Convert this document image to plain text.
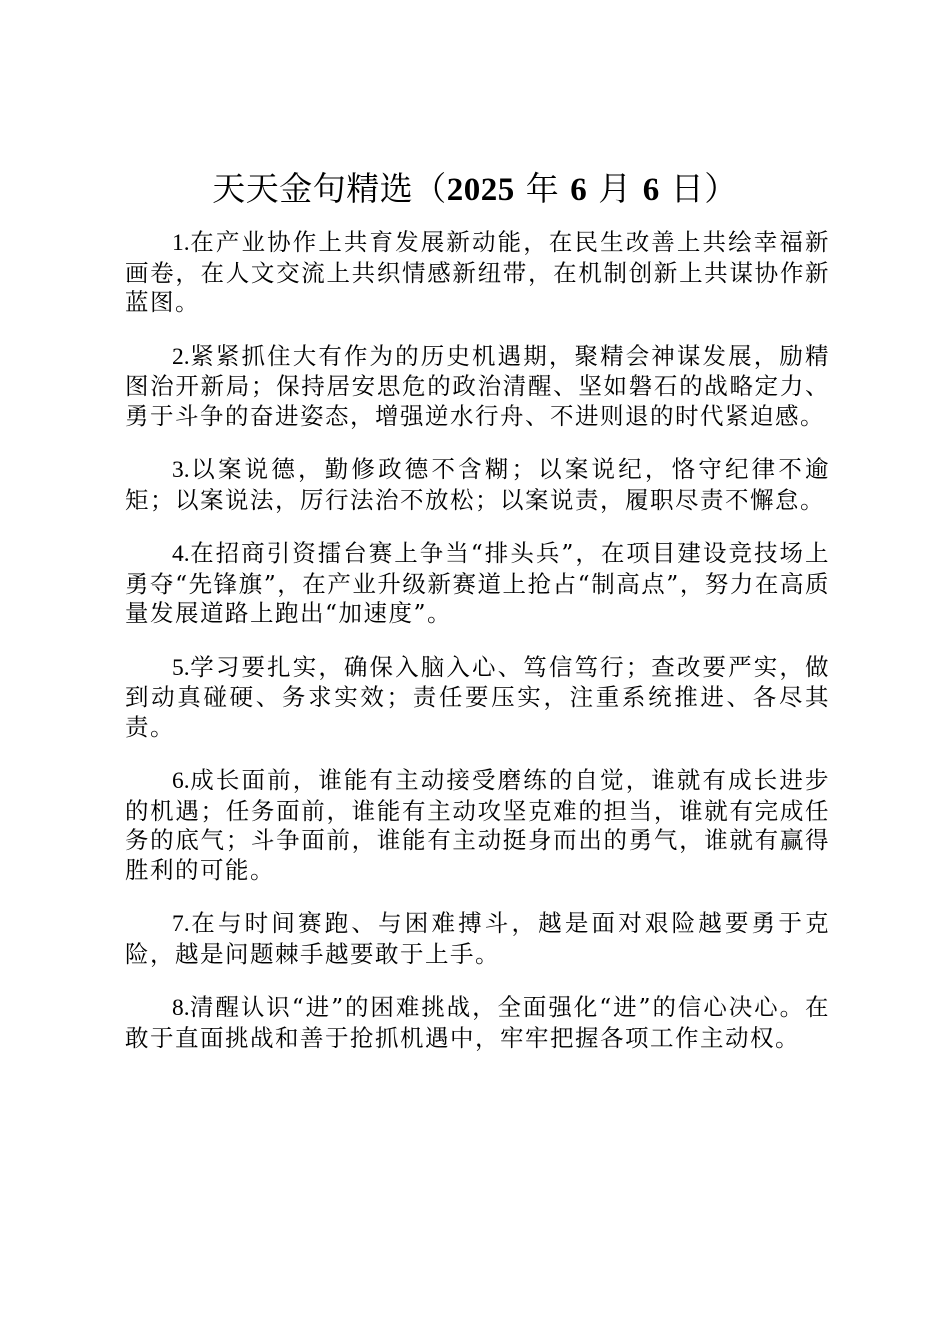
天天金句精选（2025 年 6 月 6 日）

1.在产业协作上共育发展新动能，在民生改善上共绘幸福新画卷，在人文交流上共织情感新纽带，在机制创新上共谋协作新蓝图。

2.紧紧抓住大有作为的历史机遇期，聚精会神谋发展，励精图治开新局；保持居安思危的政治清醒、坚如磐石的战略定力、勇于斗争的奋进姿态，增强逆水行舟、不进则退的时代紧迫感。

3.以案说德，勤修政德不含糊；以案说纪，恪守纪律不逾矩；以案说法，厉行法治不放松；以案说责，履职尽责不懈怠。

4.在招商引资擂台赛上争当“排头兵”，在项目建设竞技场上勇夺“先锋旗”，在产业升级新赛道上抢占“制高点”，努力在高质量发展道路上跑出“加速度”。

5.学习要扎实，确保入脑入心、笃信笃行；查改要严实，做到动真碰硬、务求实效；责任要压实，注重系统推进、各尽其责。

6.成长面前，谁能有主动接受磨练的自觉，谁就有成长进步的机遇；任务面前，谁能有主动攻坚克难的担当，谁就有完成任务的底气；斗争面前，谁能有主动挺身而出的勇气，谁就有赢得胜利的可能。

7.在与时间赛跑、与困难搏斗，越是面对艰险越要勇于克险，越是问题棘手越要敢于上手。

8.清醒认识“进”的困难挑战，全面强化“进”的信心决心。在敢于直面挑战和善于抢抓机遇中，牢牢把握各项工作主动权。
